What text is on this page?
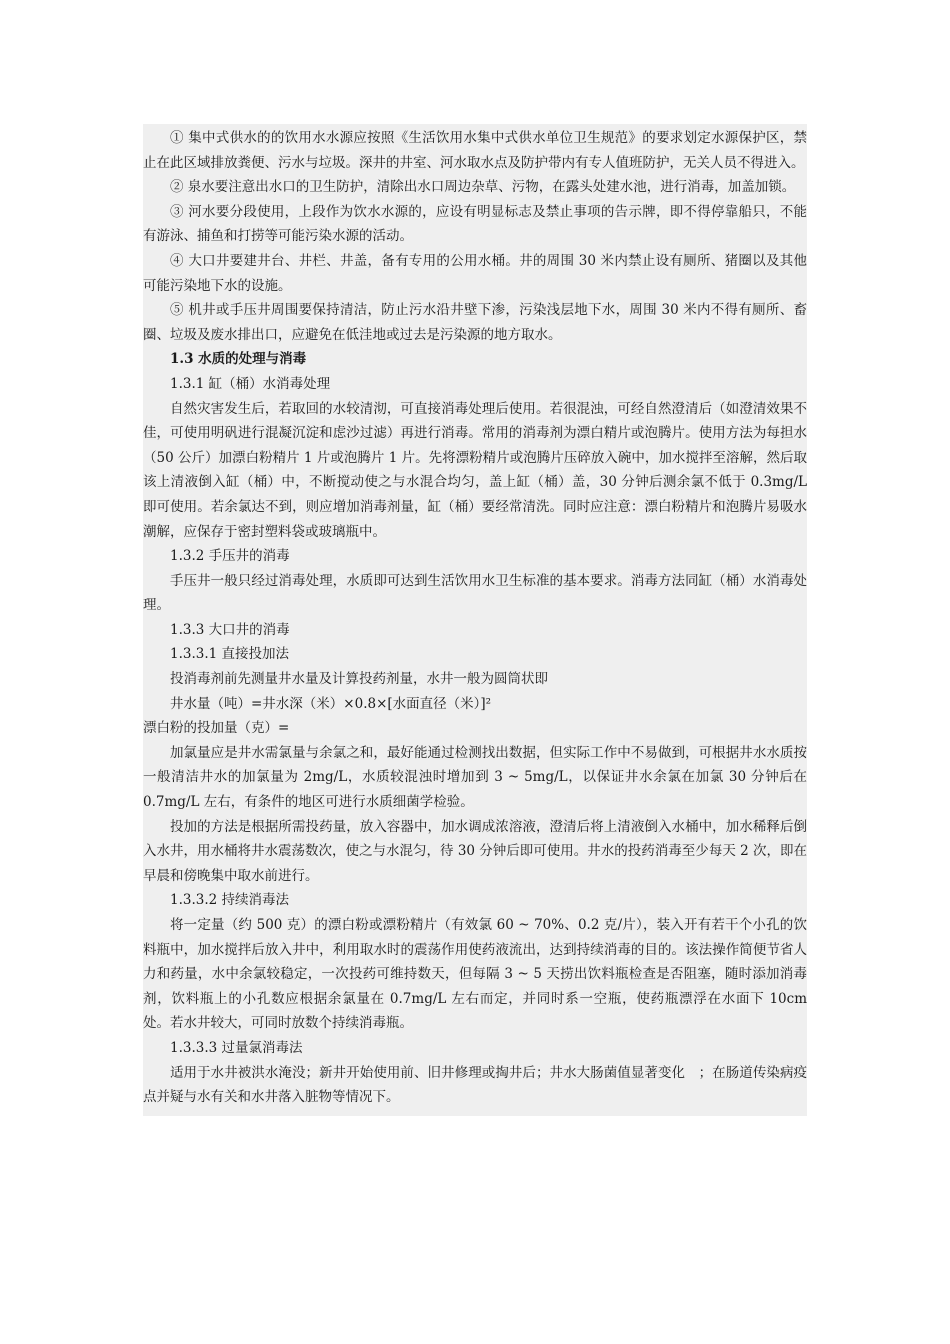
① 集中式供水的的饮用水水源应按照《生活饮用水集中式供水单位卫生规范》的要求划定水源保护区，禁止在此区域排放粪便、污水与垃圾。深井的井室、河水取水点及防护带内有专人值班防护，无关人员不得进入。

② 泉水要注意出水口的卫生防护，清除出水口周边杂草、污物，在露头处建水池，进行消毒，加盖加锁。

③ 河水要分段使用，上段作为饮水水源的，应设有明显标志及禁止事项的告示牌，即不得停靠船只，不能有游泳、捕鱼和打捞等可能污染水源的活动。

④ 大口井要建井台、井栏、井盖，备有专用的公用水桶。井的周围 30 米内禁止设有厕所、猪圈以及其他可能污染地下水的设施。

⑤ 机井或手压井周围要保持清洁，防止污水沿井壁下渗，污染浅层地下水，周围 30 米内不得有厕所、畜圈、垃圾及废水排出口，应避免在低洼地或过去是污染源的地方取水。

1.3 水质的处理与消毒

1.3.1 缸（桶）水消毒处理

自然灾害发生后，若取回的水较清沏，可直接消毒处理后使用。若很混浊，可经自然澄清后（如澄清效果不佳，可使用明矾进行混凝沉淀和虑沙过滤）再进行消毒。常用的消毒剂为漂白精片或泡腾片。使用方法为每担水（50 公斤）加漂白粉精片 1 片或泡腾片 1 片。先将漂粉精片或泡腾片压碎放入碗中，加水搅拌至溶解，然后取该上清液倒入缸（桶）中，不断搅动使之与水混合均匀，盖上缸（桶）盖，30 分钟后测余氯不低于 0.3mg/L 即可使用。若余氯达不到，则应增加消毒剂量，缸（桶）要经常清洗。同时应注意：漂白粉精片和泡腾片易吸水潮解，应保存于密封塑料袋或玻璃瓶中。

1.3.2 手压井的消毒

手压井一般只经过消毒处理，水质即可达到生活饮用水卫生标准的基本要求。消毒方法同缸（桶）水消毒处理。

1.3.3 大口井的消毒

1.3.3.1 直接投加法

投消毒剂前先测量井水量及计算投药剂量，水井一般为圆筒状即

井水量（吨）=井水深（米）×0.8×[水面直径（米）]²

漂白粉的投加量（克）=

加氯量应是井水需氯量与余氯之和，最好能通过检测找出数据，但实际工作中不易做到，可根据井水水质按一般清洁井水的加氯量为 2mg/L，水质较混浊时增加到 3 ~ 5mg/L，以保证井水余氯在加氯 30 分钟后在 0.7mg/L 左右，有条件的地区可进行水质细菌学检验。

投加的方法是根据所需投药量，放入容器中，加水调成浓溶液，澄清后将上清液倒入水桶中，加水稀释后倒入水井，用水桶将井水震荡数次，使之与水混匀，待 30 分钟后即可使用。井水的投药消毒至少每天 2 次，即在早晨和傍晚集中取水前进行。

1.3.3.2 持续消毒法

将一定量（约 500 克）的漂白粉或漂粉精片（有效氯 60 ~ 70%、0.2 克/片），装入开有若干个小孔的饮料瓶中，加水搅拌后放入井中，利用取水时的震荡作用使药液流出，达到持续消毒的目的。该法操作简便节省人力和药量，水中余氯较稳定，一次投药可维持数天，但每隔 3 ~ 5 天捞出饮料瓶检查是否阻塞，随时添加消毒剂，饮料瓶上的小孔数应根据余氯量在 0.7mg/L 左右而定，并同时系一空瓶，使药瓶漂浮在水面下 10cm 处。若水井较大，可同时放数个持续消毒瓶。

1.3.3.3 过量氯消毒法

适用于水井被洪水淹没；新井开始使用前、旧井修理或掏井后；井水大肠菌值显著变化　；在肠道传染病疫点并疑与水有关和水井落入脏物等情况下。
